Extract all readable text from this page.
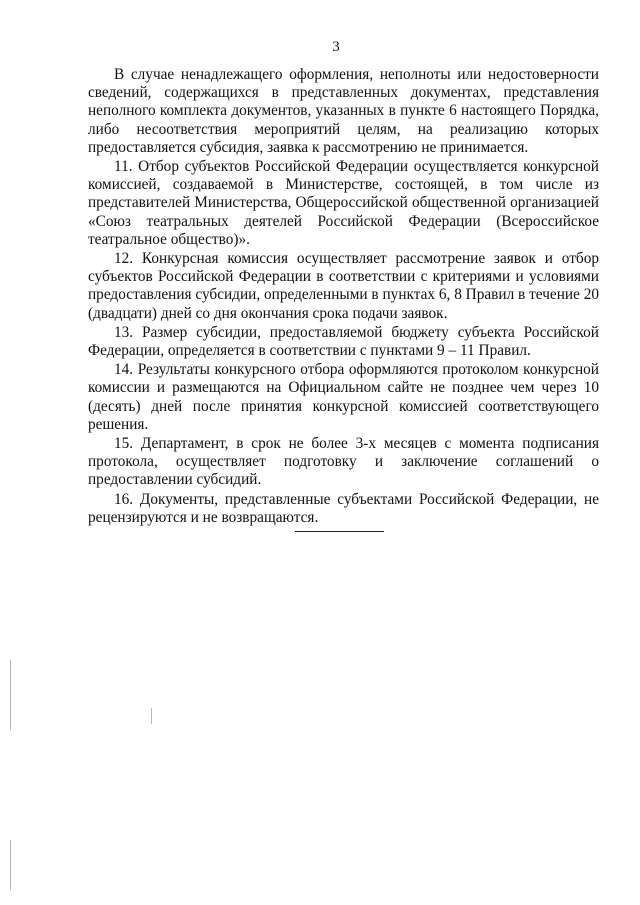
3

В случае ненадлежащего оформления, неполноты или недостоверности сведений, содержащихся в представленных документах, представления неполного комплекта документов, указанных в пункте 6 настоящего Порядка, либо несоответствия мероприятий целям, на реализацию которых предоставляется субсидия, заявка к рассмотрению не принимается.

11. Отбор субъектов Российской Федерации осуществляется конкурсной комиссией, создаваемой в Министерстве, состоящей, в том числе из представителей Министерства, Общероссийской общественной организацией «Союз театральных деятелей Российской Федерации (Всероссийское театральное общество)».

12. Конкурсная комиссия осуществляет рассмотрение заявок и отбор субъектов Российской Федерации в соответствии с критериями и условиями предоставления субсидии, определенными в пунктах 6, 8 Правил в течение 20 (двадцати) дней со дня окончания срока подачи заявок.

13. Размер субсидии, предоставляемой бюджету субъекта Российской Федерации, определяется в соответствии с пунктами 9 – 11 Правил.

14. Результаты конкурсного отбора оформляются протоколом конкурсной комиссии и размещаются на Официальном сайте не позднее чем через 10 (десять) дней после принятия конкурсной комиссией соответствующего решения.

15. Департамент, в срок не более 3-х месяцев с момента подписания протокола, осуществляет подготовку и заключение соглашений о предоставлении субсидий.

16. Документы, представленные субъектами Российской Федерации, не рецензируются и не возвращаются.
